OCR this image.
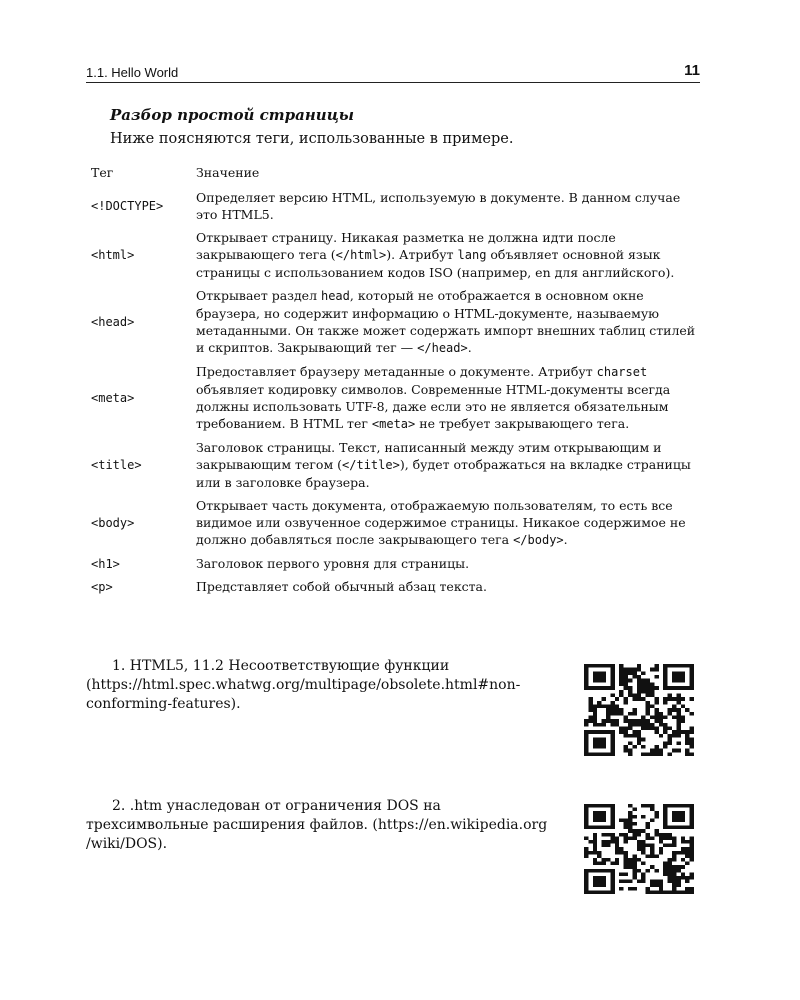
1.1. Hello World	11
Разбор простой страницы
Ниже поясняются теги, использованные в примере.
Тег	Значение
<!DOCTYPE>	Определяет версию HTML, используемую в документе. В данном случае это HTML5.
<html>	Открывает страницу. Никакая разметка не должна идти после закрывающего тега (</html>). Атрибут lang объявляет основной язык страницы с использованием кодов ISO (например, en для английского).
<head>	Открывает раздел head, который не отображается в основном окне браузера, но содержит информацию о HTML-документе, называемую метаданными. Он также может содержать импорт внешних таблиц стилей и скриптов. Закрывающий тег — </head>.
<meta>	Предоставляет браузеру метаданные о документе. Атрибут charset объявляет кодировку символов. Современные HTML-документы всегда должны использовать UTF-8, даже если это не является обязательным требованием. В HTML тег <meta> не требует закрывающего тега.
<title>	Заголовок страницы. Текст, написанный между этим открывающим и закрывающим тегом (</title>), будет отображаться на вкладке страницы или в заголовке браузера.
<body>	Открывает часть документа, отображаемую пользователям, то есть все видимое или озвученное содержимое страницы. Никакое содержимое не должно добавляться после закрывающего тега </body>.
<h1>	Заголовок первого уровня для страницы.
<p>	Представляет собой обычный абзац текста.
1. HTML5, 11.2 Несоответствующие функции (https://html.spec.whatwg.org/multipage/obsolete.html#non-conforming-features).
2. .htm унаследован от ограничения DOS на трехсимвольные расширения файлов. (https://en.wikipedia.org /wiki/DOS).
